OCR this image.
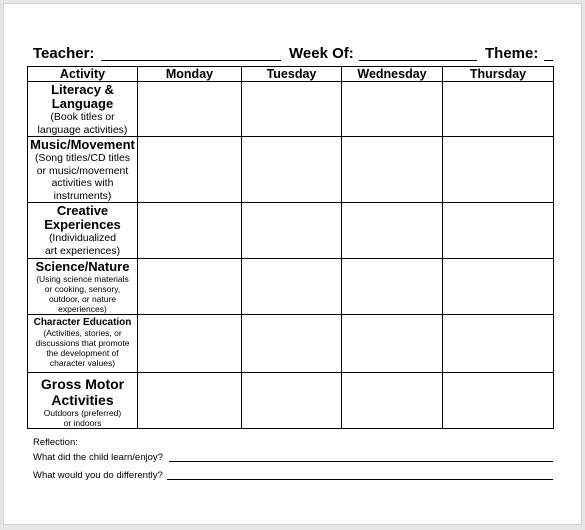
Teacher:	Week Of:	Theme:
Activity	Monday	Tuesday	Wednesday	Thursday

Literacy &
Language
(Book titles or
language activities)				

Music/Movement
(Song titles/CD titles
or music/movement
activities with
instruments)				

Creative
Experiences
(Individualized
art experiences)				

Science/Nature
(Using science materials
or cooking, sensory,
outdoor, or nature
experiences)				

Character Education
(Activities, stories, or
discussions that promote
the development of
character values)				

Gross Motor
Activities
Outdoors (preferred)
or indoors				

Reflection:
What did the child learn/enjoy?
What would you do differently?
